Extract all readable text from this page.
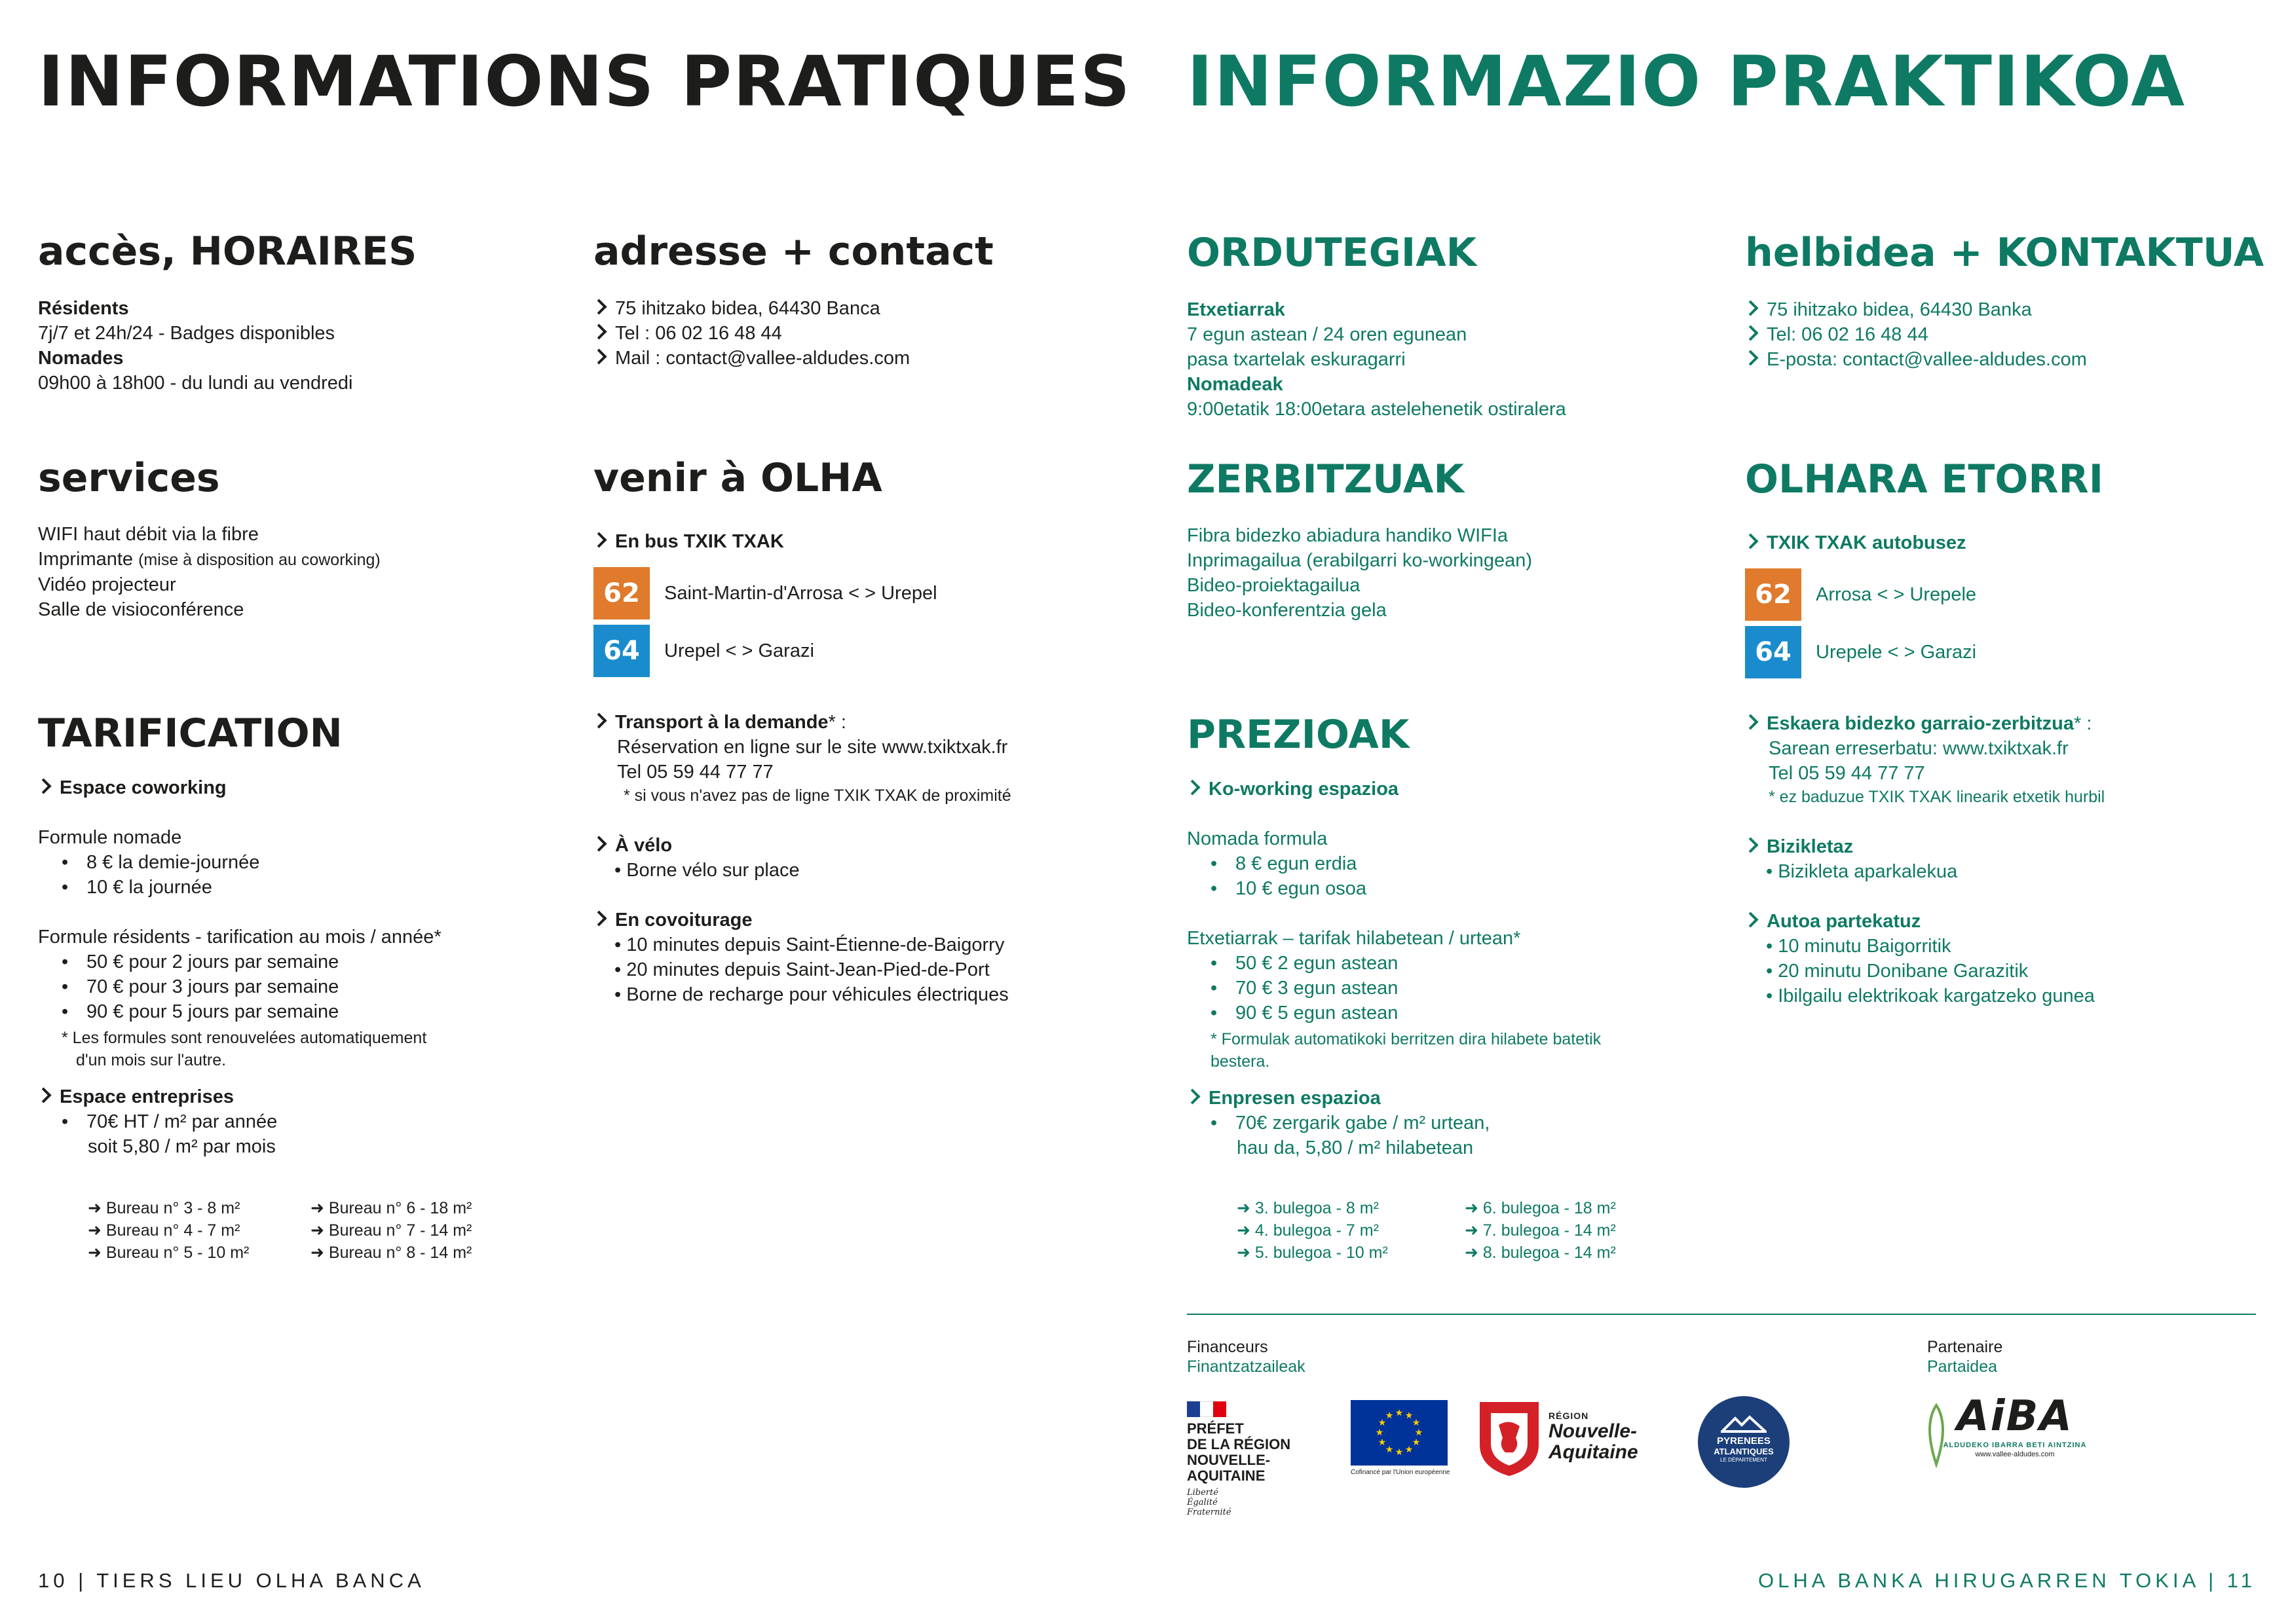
INFORMATIONS PRATIQUES
accès, HORAIRES
Résidents
7j/7 et 24h/24 - Badges disponibles
Nomades
09h00 à 18h00 - du lundi au vendredi
adresse + contact
75 ihitzako bidea, 64430 Banca
Tel : 06 02 16 48 44
Mail : contact@vallee-aldudes.com
services
WIFI haut débit via la fibre
Imprimante (mise à disposition au coworking)
Vidéo projecteur
Salle de visioconférence
venir à OLHA
En bus TXIK TXAK
62 Saint-Martin-d'Arrosa < > Urepel
64 Urepel < > Garazi
Transport à la demande* :
Réservation en ligne sur le site www.txiktxak.fr
Tel 05 59 44 77 77
* si vous n'avez pas de ligne TXIK TXAK de proximité
À vélo
• Borne vélo sur place
En covoiturage
• 10 minutes depuis Saint-Étienne-de-Baigorry
• 20 minutes depuis Saint-Jean-Pied-de-Port
• Borne de recharge pour véhicules électriques
TARIFICATION
Espace coworking
Formule nomade
• 8 € la demie-journée
• 10 € la journée
Formule résidents - tarification au mois / année*
• 50 € pour 2 jours par semaine
• 70 € pour 3 jours par semaine
• 90 € pour 5 jours par semaine
* Les formules sont renouvelées automatiquement
d'un mois sur l'autre.
Espace entreprises
• 70€ HT / m² par année
soit 5,80 / m² par mois
➜ Bureau n° 3 - 8 m²
➜ Bureau n° 4 - 7 m²
➜ Bureau n° 5 - 10 m²
➜ Bureau n° 6 - 18 m²
➜ Bureau n° 7 - 14 m²
➜ Bureau n° 8 - 14 m²
10 | TIERS LIEU OLHA BANCA
INFORMAZIO PRAKTIKOA
ORDUTEGIAK
Etxetiarrak
7 egun astean / 24 oren egunean
pasa txartelak eskuragarri
Nomadeak
9:00etatik 18:00etara astelehenetik ostiralera
helbidea + KONTAKTUA
75 ihitzako bidea, 64430 Banka
Tel: 06 02 16 48 44
E-posta: contact@vallee-aldudes.com
ZERBITZUAK
Fibra bidezko abiadura handiko WIFIa
Inprimagailua (erabilgarri ko-workingean)
Bideo-proiektagailua
Bideo-konferentzia gela
OLHARA ETORRI
TXIK TXAK autobusez
62 Arrosa < > Urepele
64 Urepele < > Garazi
Eskaera bidezko garraio-zerbitzua* :
Sarean erreserbatu: www.txiktxak.fr
Tel 05 59 44 77 77
* ez baduzue TXIK TXAK linearik etxetik hurbil
Bizikletaz
• Bizikleta aparkalekua
Autoa partekatuz
• 10 minutu Baigorritik
• 20 minutu Donibane Garazitik
• Ibilgailu elektrikoak kargatzeko gunea
PREZIOAK
Ko-working espazioa
Nomada formula
• 8 € egun erdia
• 10 € egun osoa
Etxetiarrak – tarifak hilabetean / urtean*
• 50 € 2 egun astean
• 70 € 3 egun astean
• 90 € 5 egun astean
* Formulak automatikoki berritzen dira hilabete batetik
bestera.
Enpresen espazioa
• 70€ zergarik gabe / m² urtean,
hau da, 5,80 / m² hilabetean
➜ 3. bulegoa - 8 m²
➜ 4. bulegoa - 7 m²
➜ 5. bulegoa - 10 m²
➜ 6. bulegoa - 18 m²
➜ 7. bulegoa - 14 m²
➜ 8. bulegoa - 14 m²
Financeurs
Finantzatzaileak
Partenaire
Partaidea
PRÉFET
DE LA RÉGION
NOUVELLE-
AQUITAINE
Liberté
Égalité
Fraternité
★ ★
★
★
★
★
★
★
★
★
★
★
Cofinancé par l'Union européenne
RÉGION
Nouvelle-
Aquitaine
PYRENEES
ATLANTIQUES
LE DÉPARTEMENT
AiBA
ALDUDEKO IBARRA BETI AINTZINA
www.vallee-aldudes.com
OLHA BANKA HIRUGARREN TOKIA | 11
